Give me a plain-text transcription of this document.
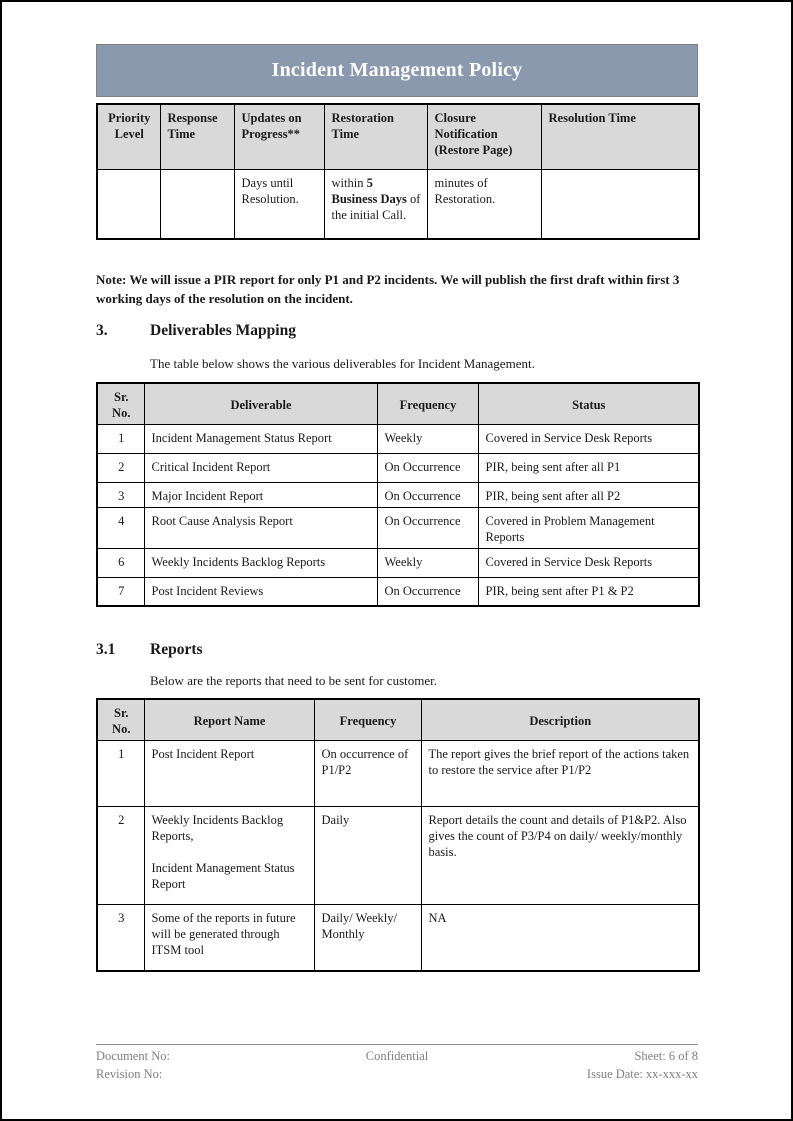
Incident Management Policy
Priority Level	Response Time	Updates on Progress**	Restoration Time	Closure Notification (Restore Page)	Resolution Time
		Days until Resolution.	within 5 Business Days of the initial Call.	minutes of Restoration.	
Note: We will issue a PIR report for only P1 and P2 incidents. We will publish the first draft within first 3 working days of the resolution on the incident.
3.	Deliverables Mapping
The table below shows the various deliverables for Incident Management.
Sr. No.	Deliverable	Frequency	Status
1	Incident Management Status Report	Weekly	Covered in Service Desk Reports
2	Critical Incident Report	On Occurrence	PIR, being sent after all P1
3	Major Incident Report	On Occurrence	PIR, being sent after all P2
4	Root Cause Analysis Report	On Occurrence	Covered in Problem Management Reports
6	Weekly Incidents Backlog Reports	Weekly	Covered in Service Desk Reports
7	Post Incident Reviews	On Occurrence	PIR, being sent after P1 & P2
3.1	Reports
Below are the reports that need to be sent for customer.
Sr. No.	Report Name	Frequency	Description
1	Post Incident Report	On occurrence of P1/P2	The report gives the brief report of the actions taken to restore the service after P1/P2
2	Weekly Incidents Backlog Reports,

Incident Management Status Report	Daily	Report details the count and details of P1&P2. Also gives the count of P3/P4 on daily/ weekly/monthly basis.
3	Some of the reports in future will be generated through ITSM tool	Daily/ Weekly/ Monthly	NA
Document No:	Confidential	Sheet: 6 of 8
Revision No:	Issue Date: xx-xxx-xx
